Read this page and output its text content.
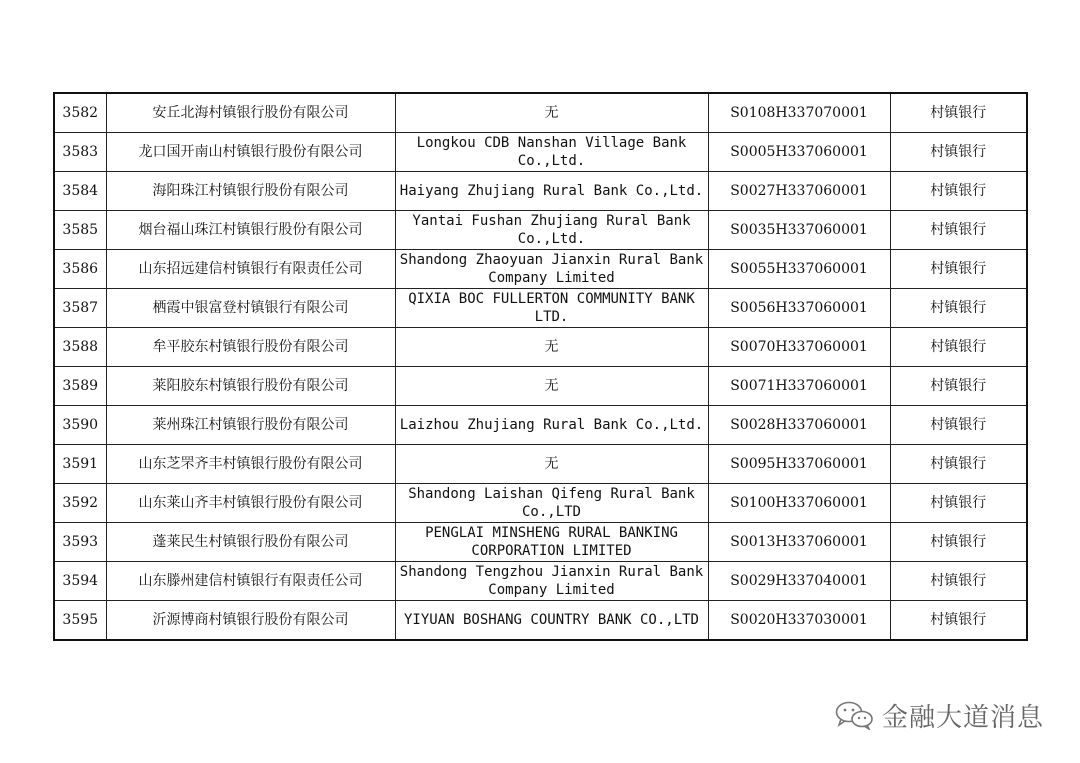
3582	安丘北海村镇银行股份有限公司	无	S0108H337070001	村镇银行
3583	龙口国开南山村镇银行股份有限公司	Longkou CDB Nanshan Village Bank Co.,Ltd.	S0005H337060001	村镇银行
3584	海阳珠江村镇银行股份有限公司	Haiyang Zhujiang Rural Bank Co.,Ltd.	S0027H337060001	村镇银行
3585	烟台福山珠江村镇银行股份有限公司	Yantai Fushan Zhujiang Rural Bank Co.,Ltd.	S0035H337060001	村镇银行
3586	山东招远建信村镇银行有限责任公司	Shandong Zhaoyuan Jianxin Rural Bank Company Limited	S0055H337060001	村镇银行
3587	栖霞中银富登村镇银行有限公司	QIXIA BOC FULLERTON COMMUNITY BANK LTD.	S0056H337060001	村镇银行
3588	牟平胶东村镇银行股份有限公司	无	S0070H337060001	村镇银行
3589	莱阳胶东村镇银行股份有限公司	无	S0071H337060001	村镇银行
3590	莱州珠江村镇银行股份有限公司	Laizhou Zhujiang Rural Bank Co.,Ltd.	S0028H337060001	村镇银行
3591	山东芝罘齐丰村镇银行股份有限公司	无	S0095H337060001	村镇银行
3592	山东莱山齐丰村镇银行股份有限公司	Shandong Laishan Qifeng Rural Bank Co.,LTD	S0100H337060001	村镇银行
3593	蓬莱民生村镇银行股份有限公司	PENGLAI MINSHENG RURAL BANKING CORPORATION LIMITED	S0013H337060001	村镇银行
3594	山东滕州建信村镇银行有限责任公司	Shandong Tengzhou Jianxin Rural Bank Company Limited	S0029H337040001	村镇银行
3595	沂源博商村镇银行股份有限公司	YIYUAN BOSHANG COUNTRY BANK CO.,LTD	S0020H337030001	村镇银行
金融大道消息
